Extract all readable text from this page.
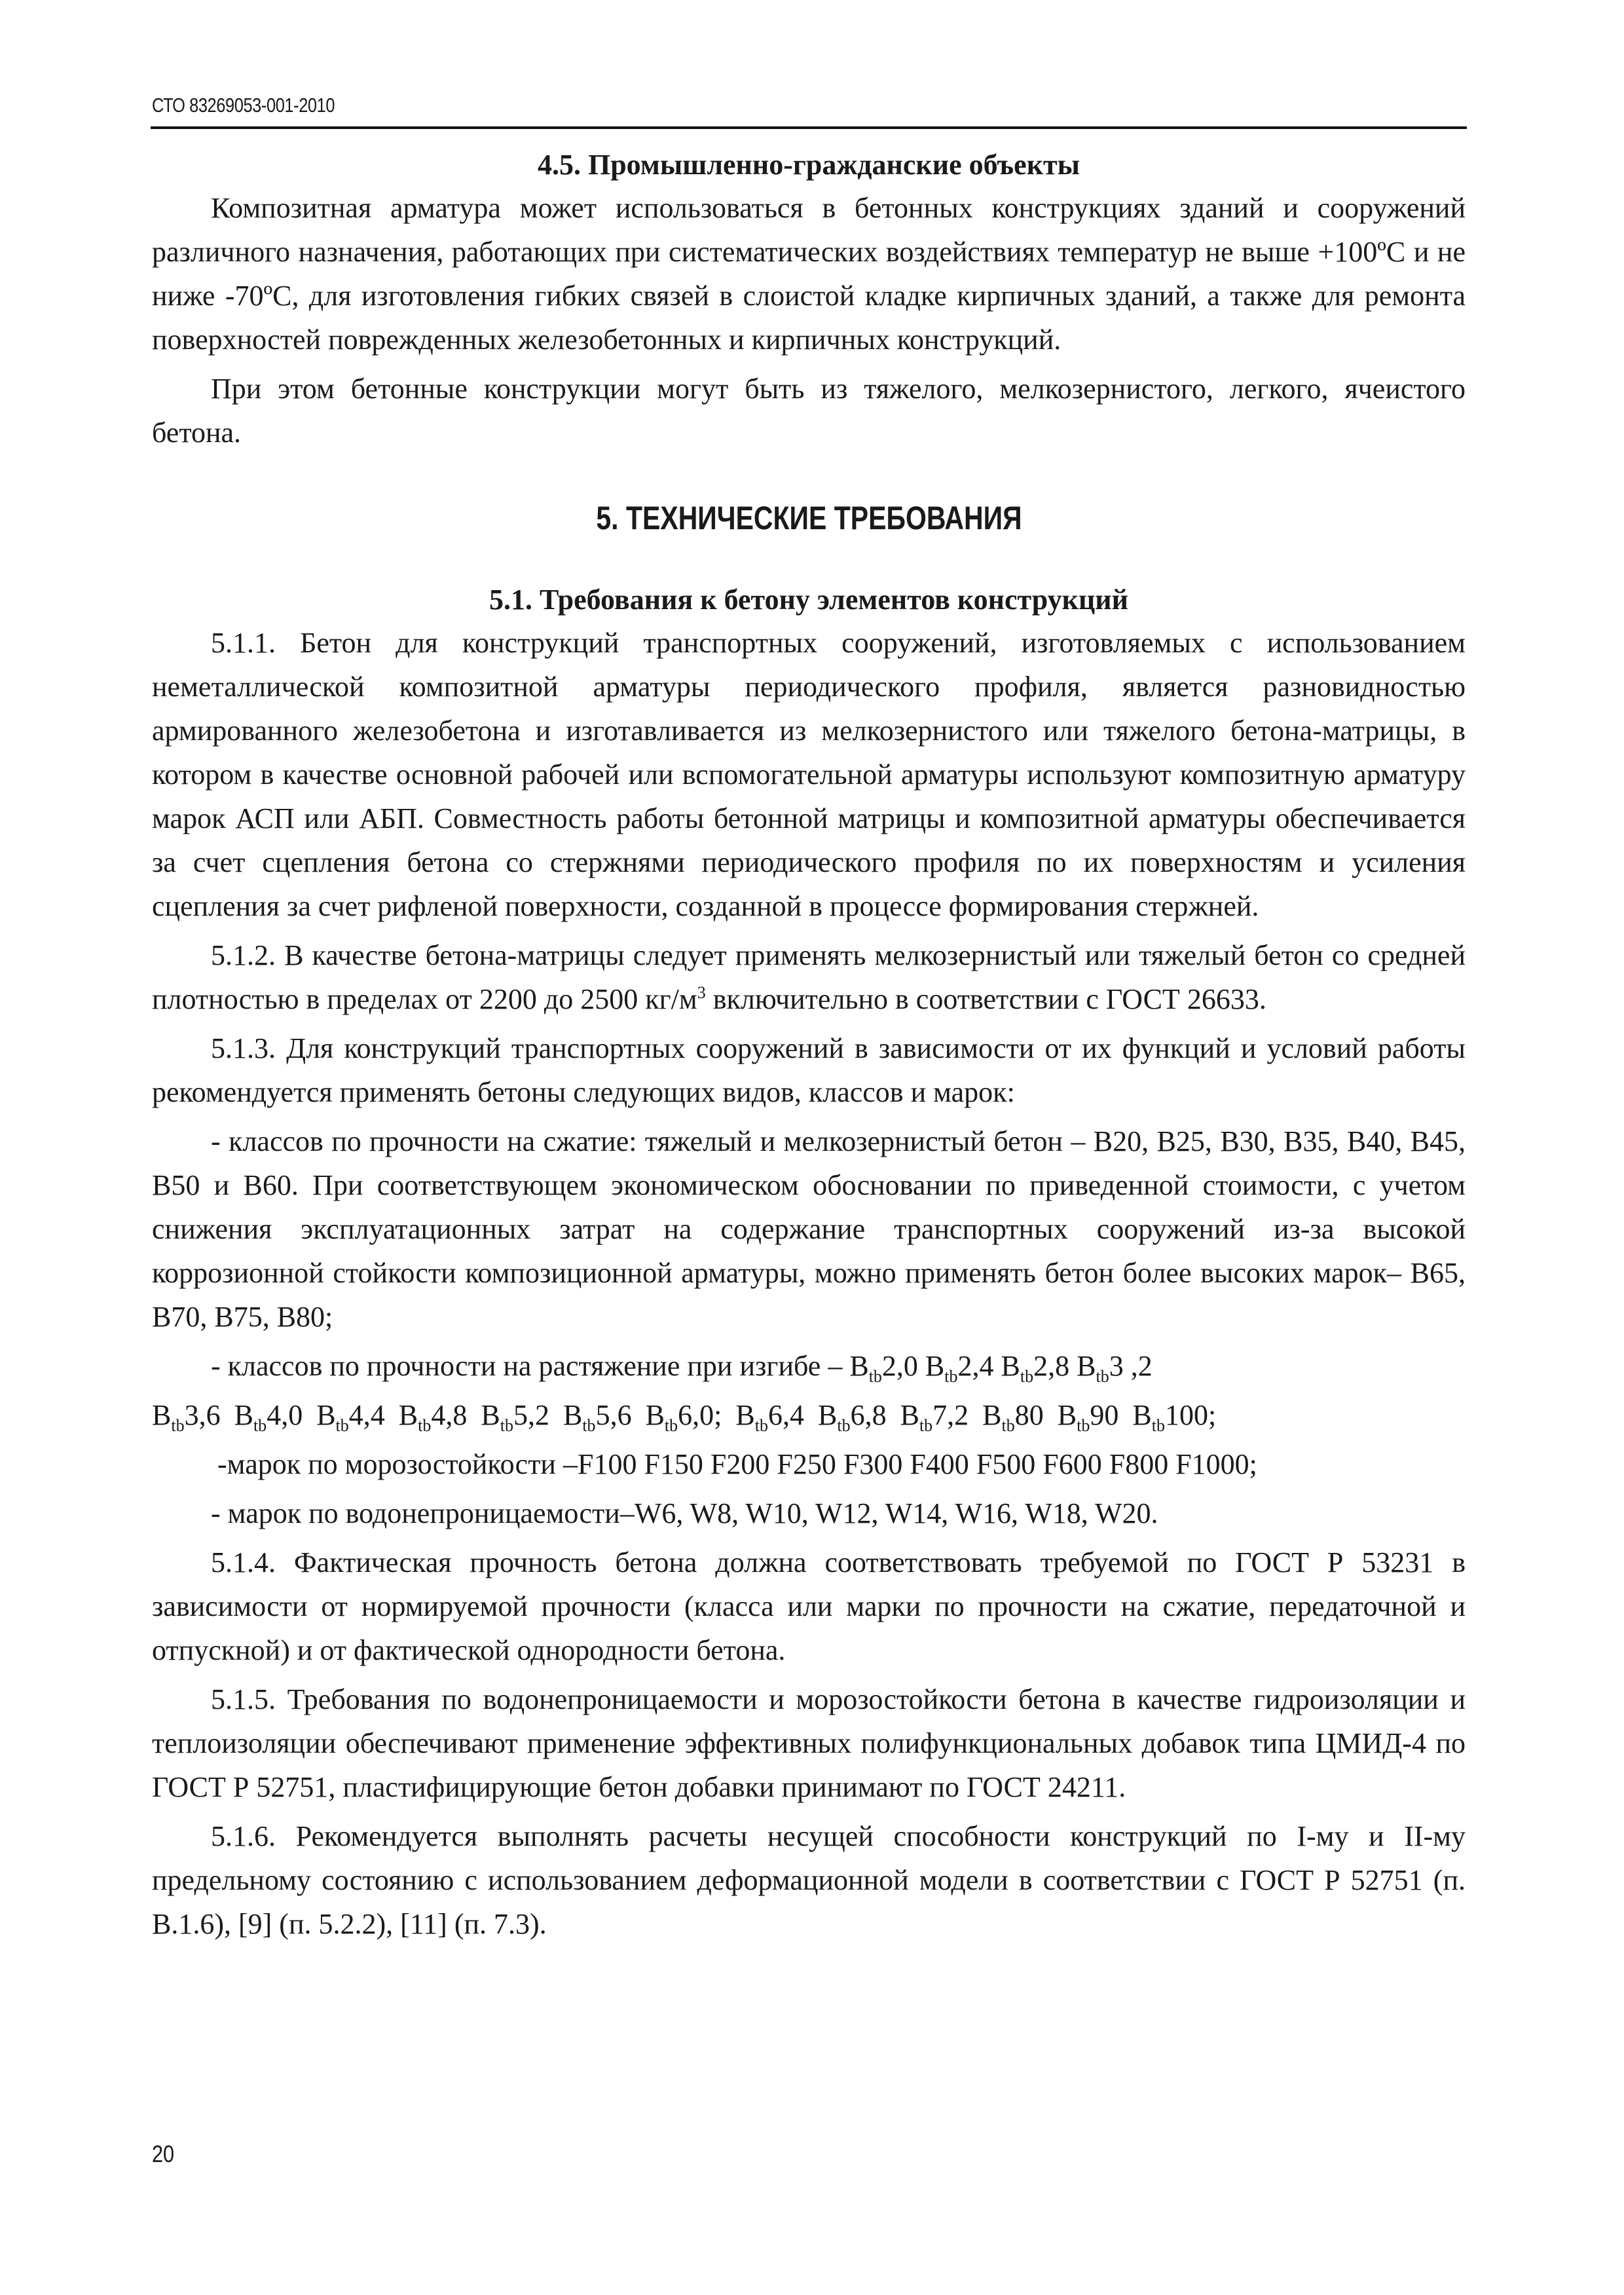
СТО 83269053-001-2010

4.5. Промышленно-гражданские объекты

Композитная арматура может использоваться в бетонных конструкциях зданий и сооружений различного назначения, работающих при систематических воздействиях температур не выше +100ºС и не ниже -70ºС, для изготовления гибких связей в слоистой кладке кирпичных зданий, а также для ремонта поверхностей поврежденных железобетонных и кирпичных конструкций.

При этом бетонные конструкции могут быть из тяжелого, мелкозернистого, легкого, ячеистого бетона.

5. ТЕХНИЧЕСКИЕ ТРЕБОВАНИЯ

5.1. Требования к бетону элементов конструкций

5.1.1. Бетон для конструкций транспортных сооружений, изготовляемых с использованием неметаллической композитной арматуры периодического профиля, является разновидностью армированного железобетона и изготавливается из мелкозернистого или тяжелого бетона-матрицы, в котором в качестве основной рабочей или вспомогательной арматуры используют композитную арматуру марок АСП или АБП. Совместность работы бетонной матрицы и композитной арматуры обеспечивается за счет сцепления бетона со стержнями периодического профиля по их поверхностям и усиления сцепления за счет рифленой поверхности, созданной в процессе формирования стержней.

5.1.2. В качестве бетона-матрицы следует применять мелкозернистый или тяжелый бетон со средней плотностью в пределах от 2200 до 2500 $кг/м^3$ включительно в соответствии с ГОСТ 26633.

5.1.3. Для конструкций транспортных сооружений в зависимости от их функций и условий работы рекомендуется применять бетоны следующих видов, классов и марок:

- классов по прочности на сжатие: тяжелый и мелкозернистый бетон – В20, В25, В30, В35, В40, В45, В50 и В60. При соответствующем экономическом обосновании по приведенной стоимости, с учетом снижения эксплуатационных затрат на содержание транспортных сооружений из-за высокой коррозионной стойкости композиционной арматуры, можно применять бетон более высоких марок– В65, В70, В75, В80;

- классов по прочности на растяжение при изгибе – $B_{tb}2,0$ $B_{tb}2,4$ $B_{tb}2,8$ $B_{tb}3$ ,2

$B_{tb}3,6$ $B_{tb}4,0$ $B_{tb}4,4$ $B_{tb}4,8$ $B_{tb}5,2$ $B_{tb}5,6$ $B_{tb}6,0$; $B_{tb}6,4$ $B_{tb}6,8$ $B_{tb}7,2$ $B_{tb}80$ $B_{tb}90$ $B_{tb}100$;

-марок по морозостойкости –F100 F150 F200 F250 F300 F400 F500 F600 F800 F1000;

- марок по водонепроницаемости–W6, W8, W10, W12, W14, W16, W18, W20.

5.1.4. Фактическая прочность бетона должна соответствовать требуемой по ГОСТ Р 53231 в зависимости от нормируемой прочности (класса или марки по прочности на сжатие, передаточной и отпускной) и от фактической однородности бетона.

5.1.5. Требования по водонепроницаемости и морозостойкости бетона в качестве гидроизоляции и теплоизоляции обеспечивают применение эффективных полифункциональных добавок типа ЦМИД-4 по ГОСТ Р 52751, пластифицирующие бетон добавки принимают по ГОСТ 24211.

5.1.6. Рекомендуется выполнять расчеты несущей способности конструкций по I-му и II-му предельному состоянию с использованием деформационной модели в соответствии с ГОСТ Р 52751 (п. В.1.6), [9] (п. 5.2.2), [11] (п. 7.3).

20
